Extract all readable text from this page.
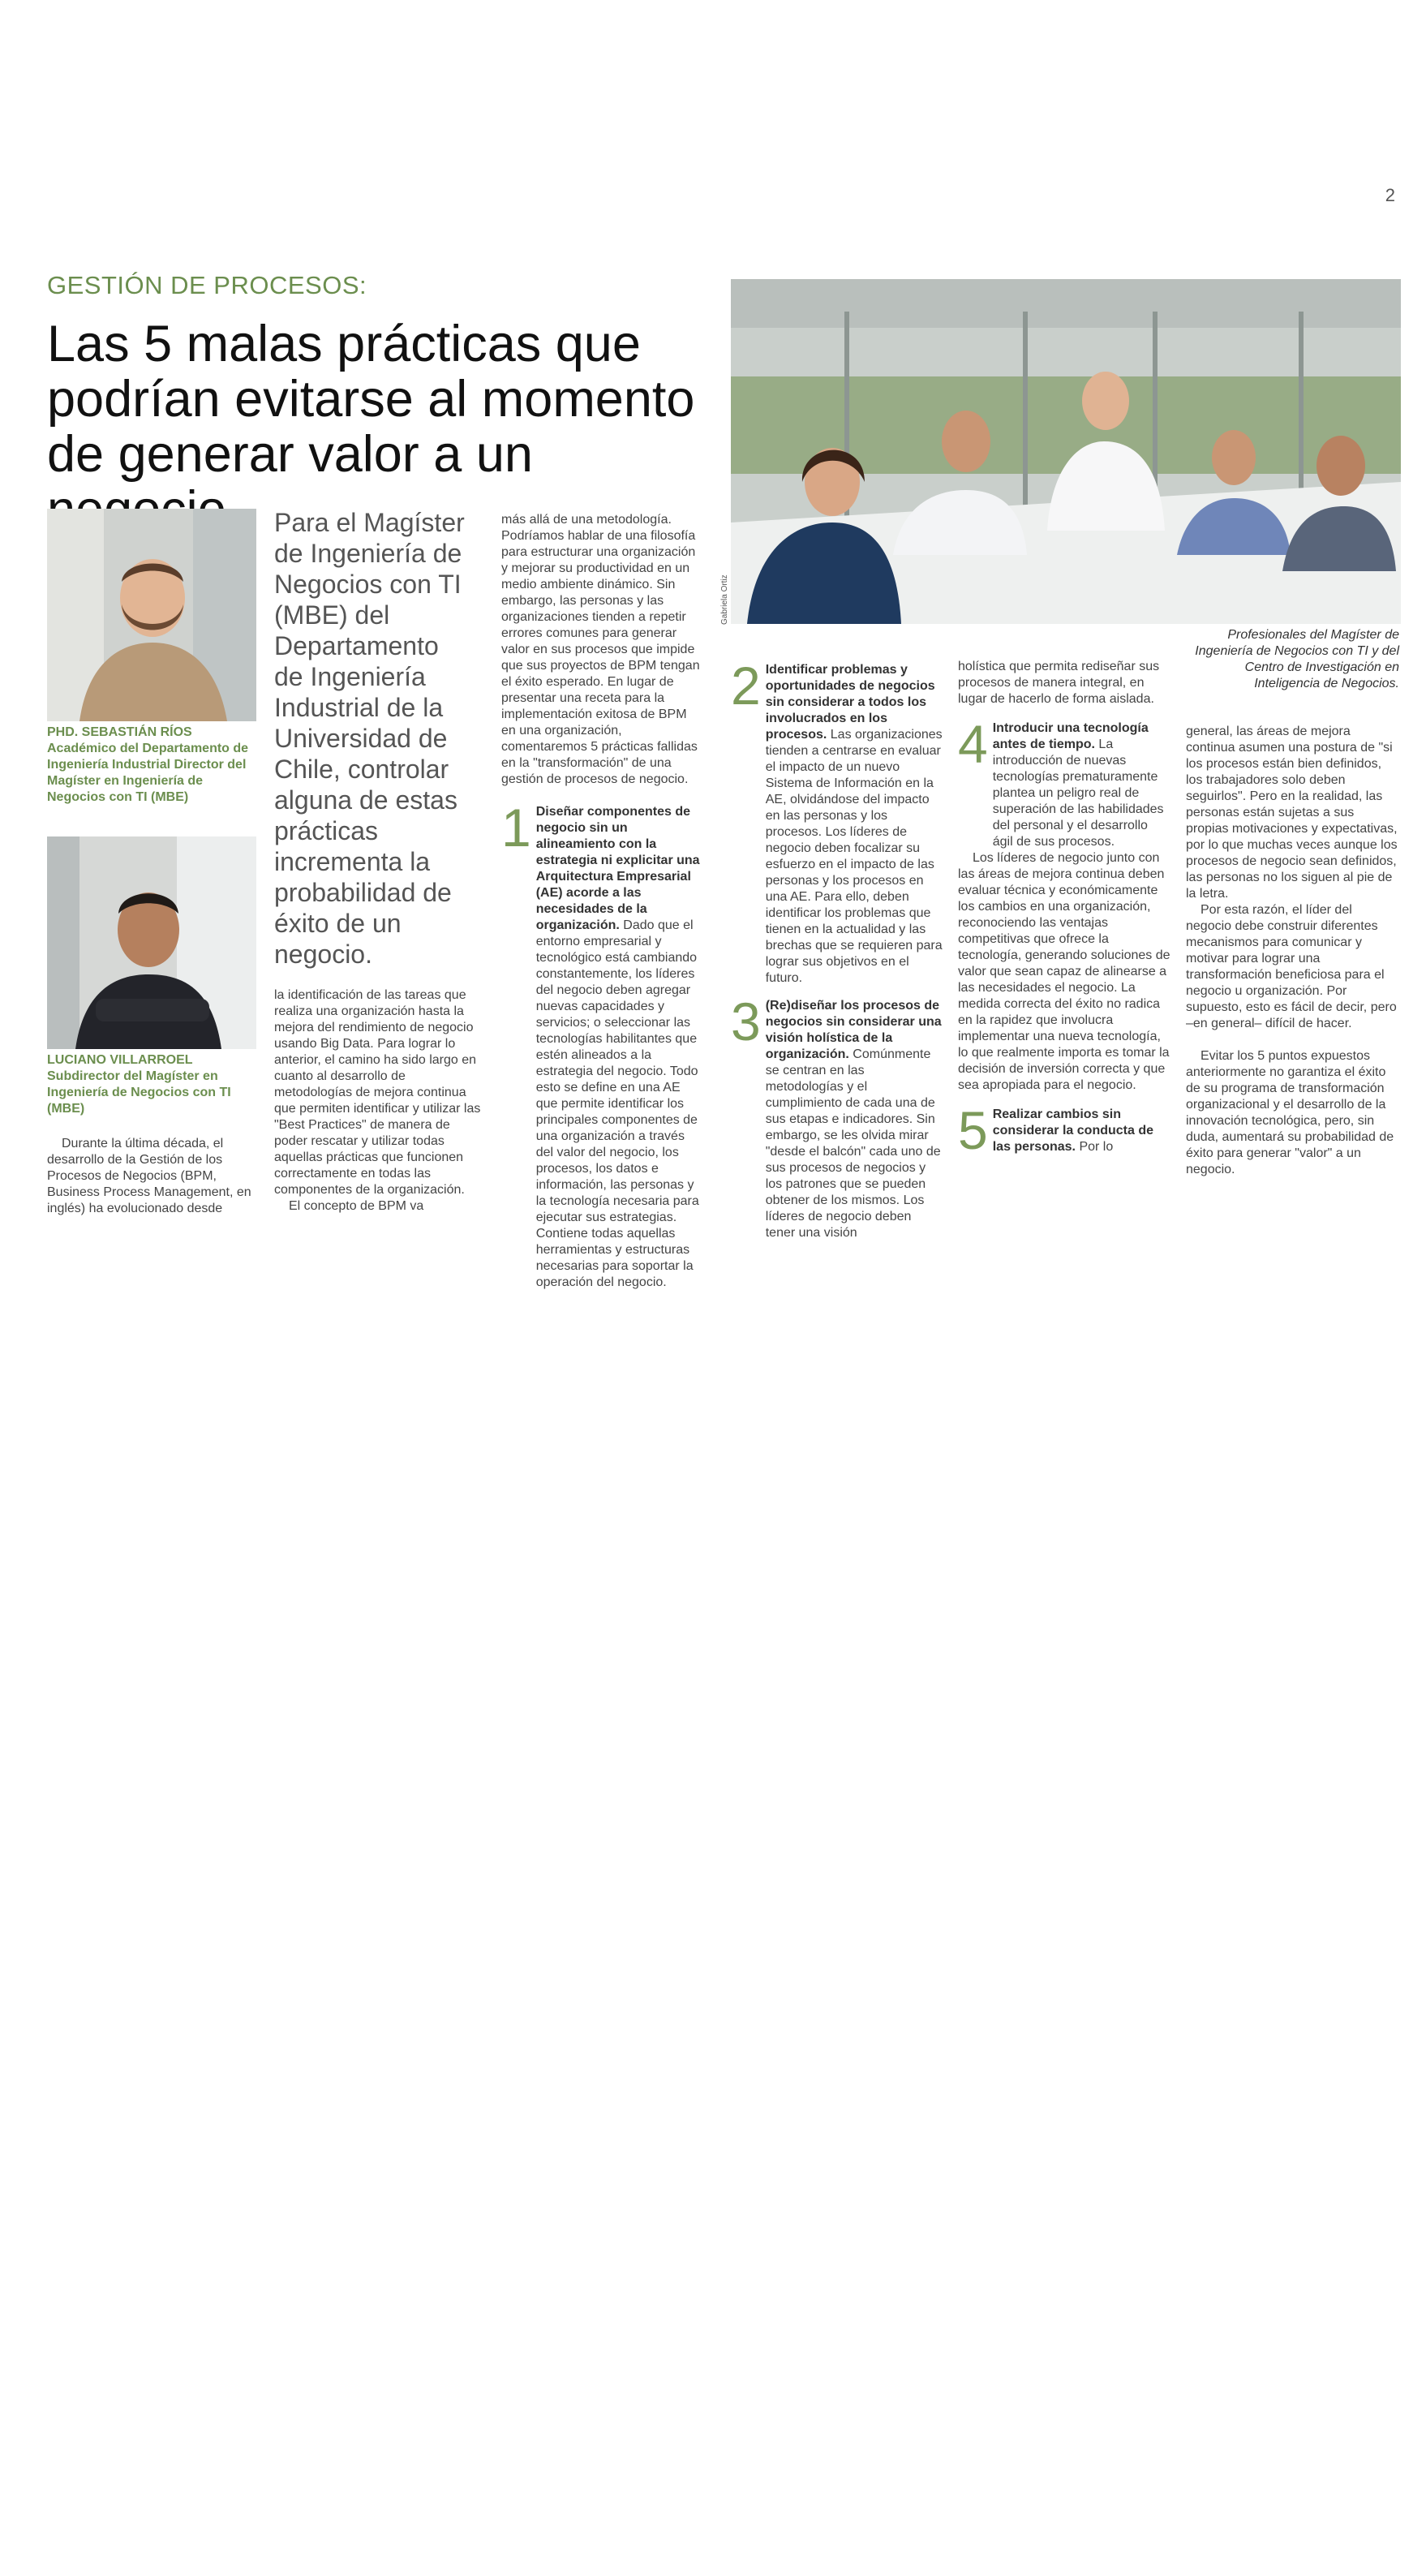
2
GESTIÓN DE PROCESOS:
Las 5 malas prácticas que podrían evitarse al momento de generar valor a un
PHD. SEBASTIÁN RÍOS
Académico del Departamento de Ingeniería Industrial Director del Magíster en Ingeniería de Negocios con TI (MBE)
LUCIANO VILLARROEL
Subdirector del Magíster en Ingeniería de Negocios con TI (MBE)

Durante la última década, el desarrollo de la Gestión de los Procesos de Negocios (BPM, Business Process Management, en inglés) ha evolucionado desde

Para el Magíster de Ingeniería de Negocios con TI (MBE) del Departamento de Ingeniería Industrial de la Universidad de Chile, controlar alguna de estas prácticas incrementa la probabilidad de éxito de un negocio.

la identificación de las tareas que realiza una organización hasta la mejora del rendimiento de negocio usando Big Data. Para lograr lo anterior, el camino ha sido largo en cuanto al desarrollo de metodologías de mejora continua que permiten identificar y utilizar las "Best Practices" de manera de poder rescatar y utilizar todas aquellas prácticas que funcionen correctamente en todas las componentes de la organización.

El concepto de BPM va

más allá de una metodología. Podríamos hablar de una filosofía para estructurar una organización y mejorar su productividad en un medio ambiente dinámico. Sin embargo, las personas y las organizaciones tienden a repetir errores comunes para generar valor en sus procesos que impide que sus proyectos de BPM tengan el éxito esperado. En lugar de presentar una receta para la implementación exitosa de BPM en una organización, comentaremos 5 prácticas fallidas en la "transformación" de una gestión de procesos de negocio.

1 Diseñar componentes de negocio sin un alineamiento con la estrategia ni explicitar una Arquitectura Empresarial (AE) acorde a las necesidades de la organización. Dado que el entorno empresarial y tecnológico está cambiando constantemente, los líderes del negocio deben agregar nuevas capacidades y servicios; o seleccionar las tecnologías habilitantes que estén alineados a la estrategia del negocio. Todo esto se define en una AE que permite identificar los principales componentes de una organización a través del valor del negocio, los procesos, los datos e información, las personas y la tecnología necesaria para ejecutar sus estrategias. Contiene todas aquellas herramientas y estructuras necesarias para soportar la operación del negocio.
Gabriela Ortiz
Profesionales del Magíster de Ingeniería de Negocios con TI y del Centro de Investigación en Inteligencia de Negocios.
2 Identificar problemas y oportunidades de negocios sin considerar a todos los involucrados en los procesos. Las organizaciones tienden a centrarse en evaluar el impacto de un nuevo Sistema de Información en la AE, olvidándose del impacto en las personas y los procesos. Los líderes de negocio deben focalizar su esfuerzo en el impacto de las personas y los procesos en una AE. Para ello, deben identificar los problemas que tienen en la actualidad y las brechas que se requieren para lograr sus objetivos en el futuro.
3 (Re)diseñar los procesos de negocios sin considerar una visión holística de la organización. Comúnmente se centran en las metodologías y el cumplimiento de cada una de sus etapas e indicadores. Sin embargo, se les olvida mirar "desde el balcón" cada uno de sus procesos de negocios y los patrones que se pueden obtener de los mismos. Los líderes de negocio deben tener una visión

holística que permita rediseñar sus procesos de manera integral, en lugar de hacerlo de forma aislada.

4 Introducir una tecnología antes de tiempo. La introducción de nuevas tecnologías prematuramente plantea un peligro real de superación de las habilidades del personal y el desarrollo ágil de sus procesos.

Los líderes de negocio junto con las áreas de mejora continua deben evaluar técnica y económicamente los cambios en una organización, reconociendo las ventajas competitivas que ofrece la tecnología, generando soluciones de valor que sean capaz de alinearse a las necesidades el negocio. La medida correcta del éxito no radica en la rapidez que involucra implementar una nueva tecnología, lo que realmente importa es tomar la decisión de inversión correcta y que sea apropiada para el negocio.

5 Realizar cambios sin considerar la conducta de las personas. Por lo

general, las áreas de mejora continua asumen una postura de "si los procesos están bien definidos, los trabajadores solo deben seguirlos". Pero en la realidad, las personas están sujetas a sus propias motivaciones y expectativas, por lo que muchas veces aunque los procesos de negocio sean definidos, las personas no los siguen al pie de la letra.

Por esta razón, el líder del negocio debe construir diferentes mecanismos para comunicar y motivar para lograr una transformación beneficiosa para el negocio u organización. Por supuesto, esto es fácil de decir, pero –en general– difícil de hacer.

Evitar los 5 puntos expuestos anteriormente no garantiza el éxito de su programa de transformación organizacional y el desarrollo de la innovación tecnológica, pero, sin duda, aumentará su probabilidad de éxito para generar "valor" a un negocio.
